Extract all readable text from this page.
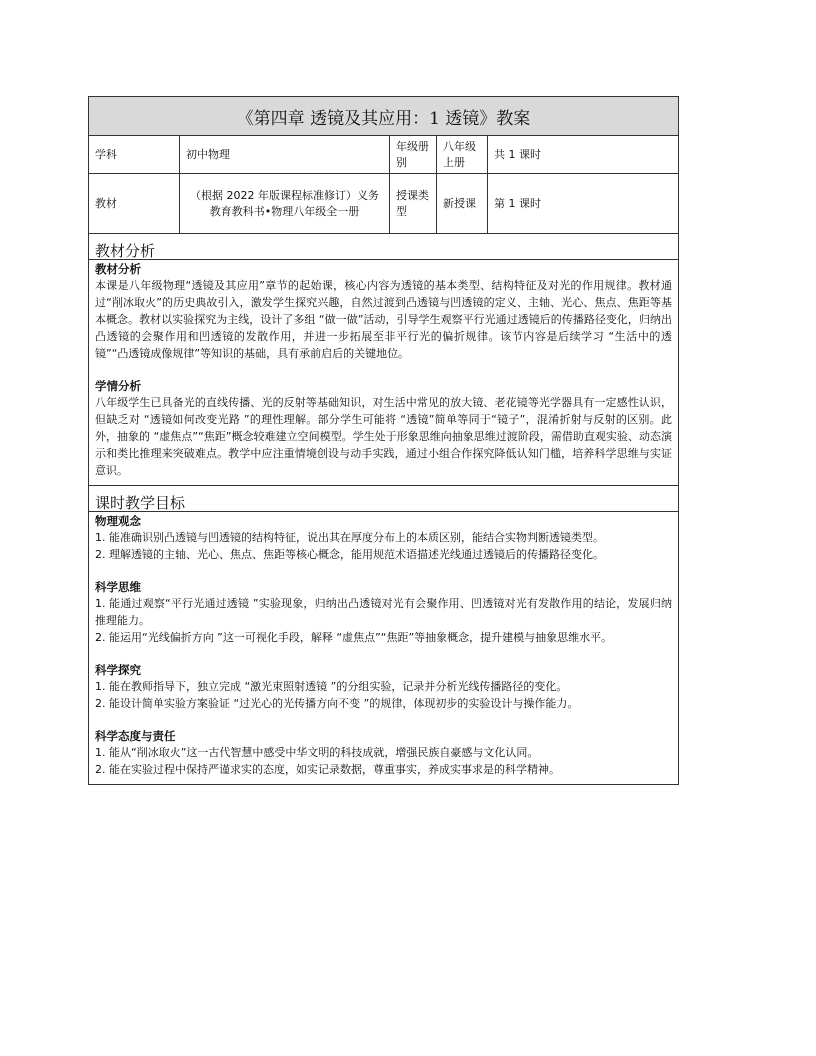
《第四章 透镜及其应用：1 透镜》教案
学科	初中物理
年级册别
八年级上册
共 1 课时
教材
（根据 2022 年版课程标准修订）义务教育教科书•物理八年级全一册
授课类型
新授课	第 1 课时
教材分析
教材分析

本课是八年级物理“透镜及其应用”章节的起始课，核心内容为透镜的基本类型、结构特征及对光的作用规律。教材通过“削冰取火”的历史典故引入，激发学生探究兴趣，自然过渡到凸透镜与凹透镜的定义、主轴、光心、焦点、焦距等基本概念。教材以实验探究为主线，设计了多组 “做一做”活动，引导学生观察平行光通过透镜后的传播路径变化，归纳出凸透镜的会聚作用和凹透镜的发散作用，并进一步拓展至非平行光的偏折规律。该节内容是后续学习 “生活中的透镜”“凸透镜成像规律”等知识的基础，具有承前启后的关键地位。

学情分析

八年级学生已具备光的直线传播、光的反射等基础知识，对生活中常见的放大镜、老花镜等光学器具有一定感性认识，但缺乏对 “透镜如何改变光路 ”的理性理解。部分学生可能将 “透镜”简单等同于“镜子”，混淆折射与反射的区别。此外，抽象的 “虚焦点”“焦距”概念较难建立空间模型。学生处于形象思维向抽象思维过渡阶段，需借助直观实验、动态演示和类比推理来突破难点。教学中应注重情境创设与动手实践，通过小组合作探究降低认知门槛，培养科学思维与实证意识。

课时教学目标
物理观念

1. 能准确识别凸透镜与凹透镜的结构特征，说出其在厚度分布上的本质区别，能结合实物判断透镜类型。

2. 理解透镜的主轴、光心、焦点、焦距等核心概念，能用规范术语描述光线通过透镜后的传播路径变化。

科学思维

1. 能通过观察“平行光通过透镜 ”实验现象，归纳出凸透镜对光有会聚作用、凹透镜对光有发散作用的结论，发展归纳推理能力。

2. 能运用“光线偏折方向 ”这一可视化手段，解释 “虚焦点”“焦距”等抽象概念，提升建模与抽象思维水平。

科学探究

1. 能在教师指导下，独立完成 “激光束照射透镜 ”的分组实验，记录并分析光线传播路径的变化。

2. 能设计简单实验方案验证 “过光心的光传播方向不变 ”的规律，体现初步的实验设计与操作能力。

科学态度与责任

1. 能从“削冰取火”这一古代智慧中感受中华文明的科技成就，增强民族自豪感与文化认同。

2. 能在实验过程中保持严谨求实的态度，如实记录数据，尊重事实，养成实事求是的科学精神。
